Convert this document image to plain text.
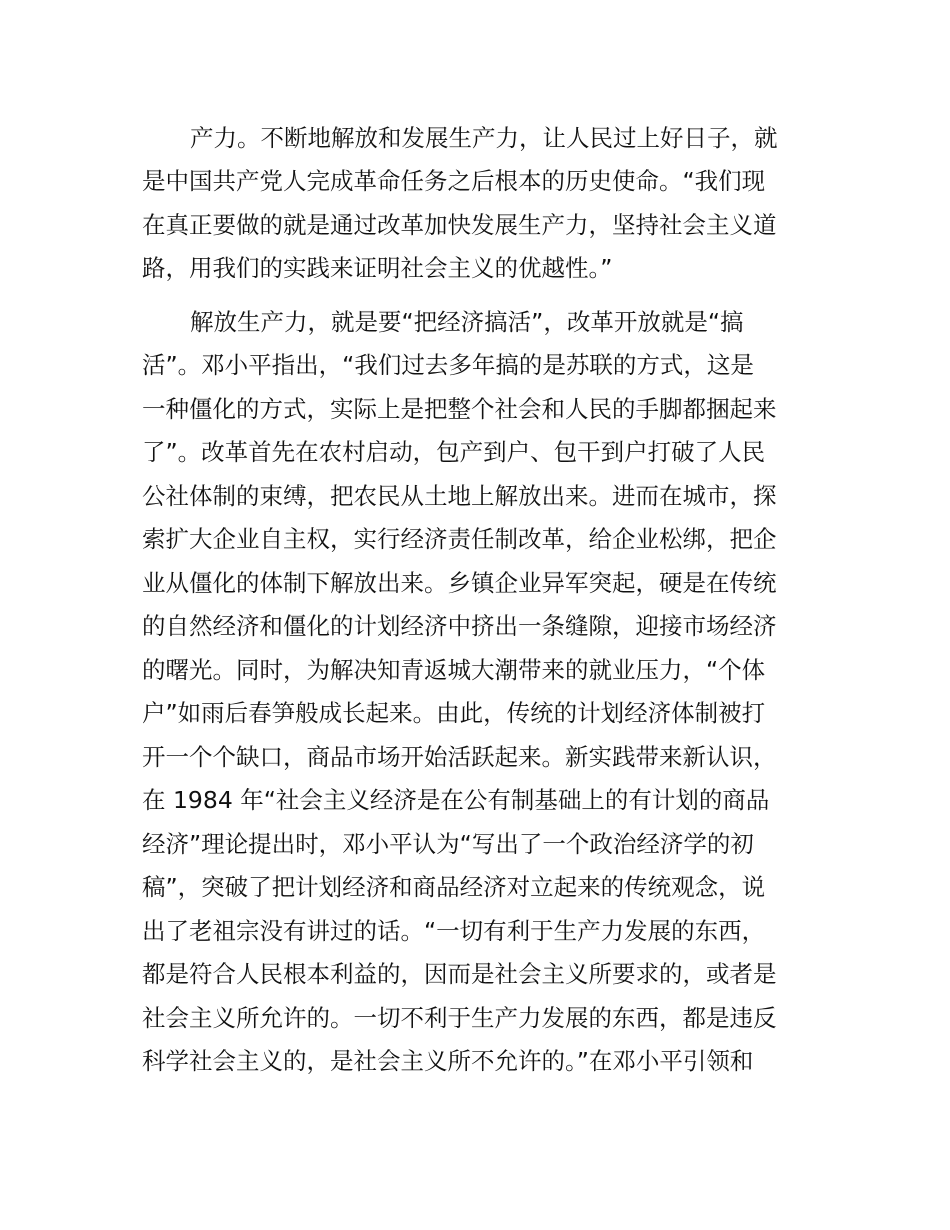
产力。不断地解放和发展生产力，让人民过上好日子，就
是中国共产党人完成革命任务之后根本的历史使命。“我们现
在真正要做的就是通过改革加快发展生产力，坚持社会主义道
路，用我们的实践来证明社会主义的优越性。”
解放生产力，就是要“把经济搞活”，改革开放就是“搞
活”。邓小平指出，“我们过去多年搞的是苏联的方式，这是
一种僵化的方式，实际上是把整个社会和人民的手脚都捆起来
了”。改革首先在农村启动，包产到户、包干到户打破了人民
公社体制的束缚，把农民从土地上解放出来。进而在城市，探
索扩大企业自主权，实行经济责任制改革，给企业松绑，把企
业从僵化的体制下解放出来。乡镇企业异军突起，硬是在传统
的自然经济和僵化的计划经济中挤出一条缝隙，迎接市场经济
的曙光。同时，为解决知青返城大潮带来的就业压力，“个体
户”如雨后春笋般成长起来。由此，传统的计划经济体制被打
开一个个缺口，商品市场开始活跃起来。新实践带来新认识，
在 1984 年“社会主义经济是在公有制基础上的有计划的商品
经济”理论提出时，邓小平认为“写出了一个政治经济学的初
稿”，突破了把计划经济和商品经济对立起来的传统观念，说
出了老祖宗没有讲过的话。“一切有利于生产力发展的东西，
都是符合人民根本利益的，因而是社会主义所要求的，或者是
社会主义所允许的。一切不利于生产力发展的东西，都是违反
科学社会主义的，是社会主义所不允许的。”在邓小平引领和
